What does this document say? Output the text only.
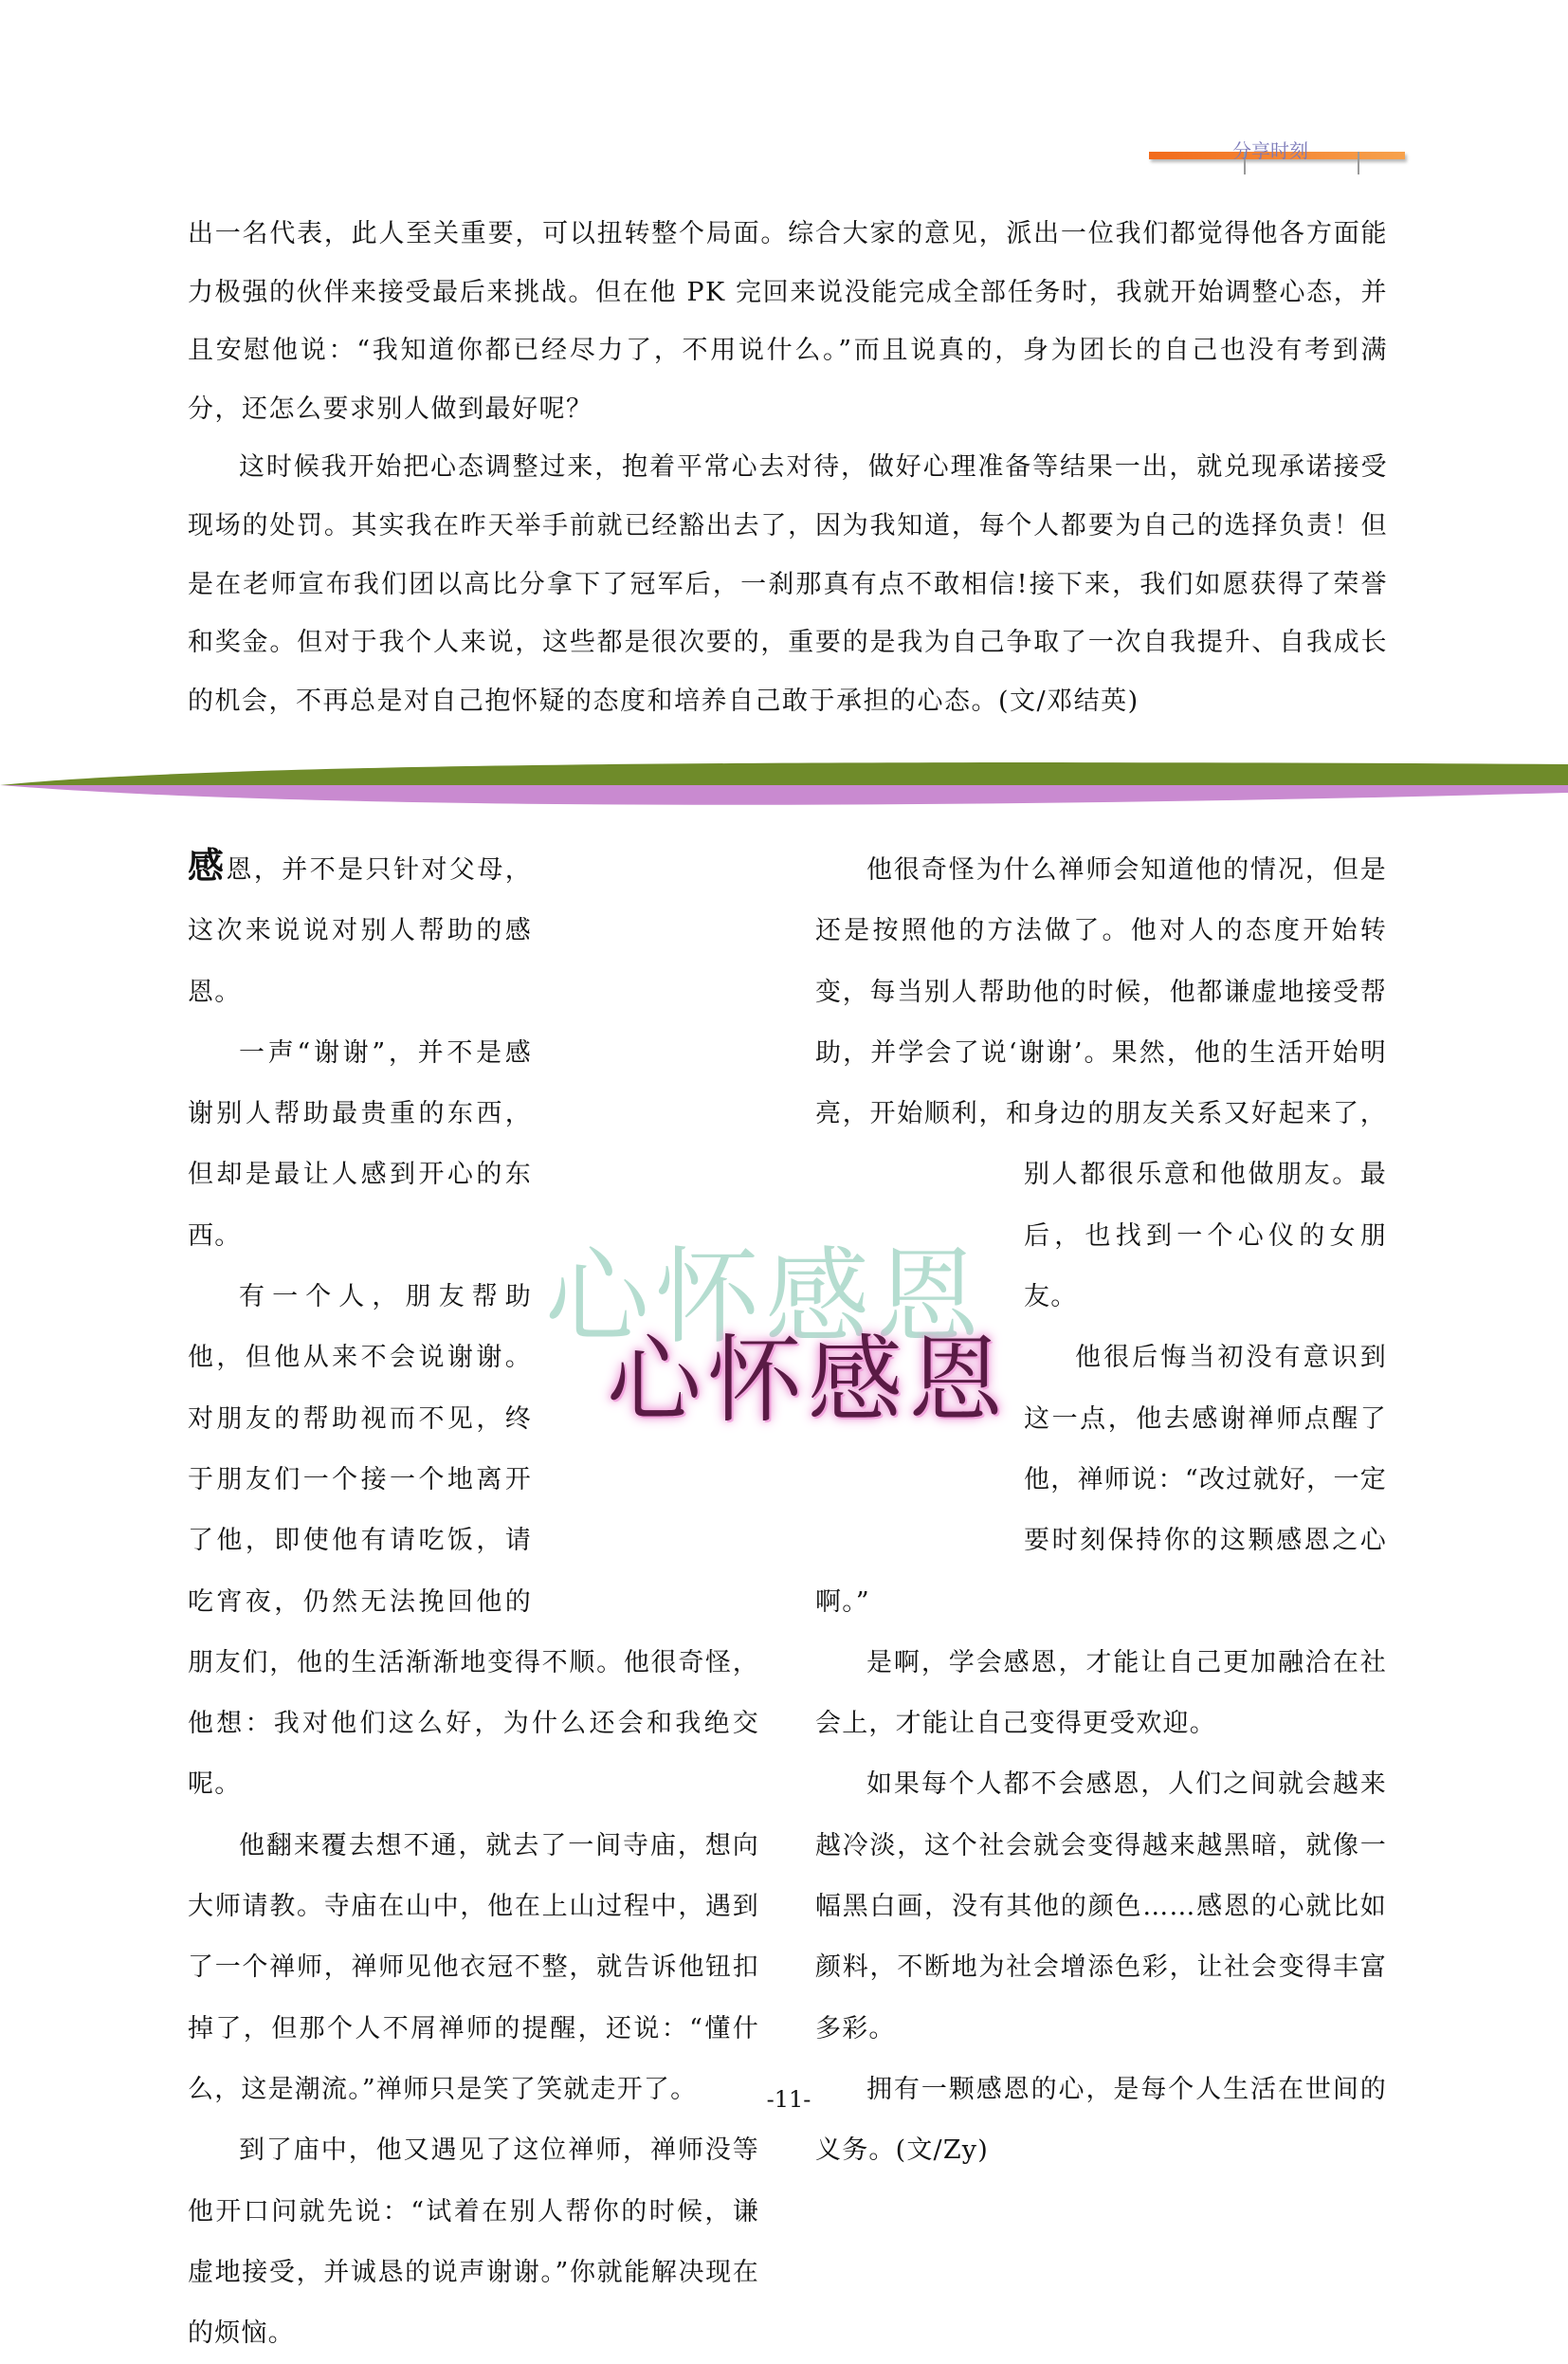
分享时刻

出一名代表，此人至关重要，可以扭转整个局面。综合大家的意见，派出一位我们都觉得他各方面能力极强的伙伴来接受最后来挑战。但在他 PK 完回来说没能完成全部任务时，我就开始调整心态，并且安慰他说：“我知道你都已经尽力了，不用说什么。”而且说真的，身为团长的自己也没有考到满分，还怎么要求别人做到最好呢？

这时候我开始把心态调整过来，抱着平常心去对待，做好心理准备等结果一出，就兑现承诺接受现场的处罚。其实我在昨天举手前就已经豁出去了，因为我知道，每个人都要为自己的选择负责！但是在老师宣布我们团以高比分拿下了冠军后，一刹那真有点不敢相信!接下来，我们如愿获得了荣誉和奖金。但对于我个人来说，这些都是很次要的，重要的是我为自己争取了一次自我提升、自我成长的机会，不再总是对自己抱怀疑的态度和培养自己敢于承担的心态。(文/邓结英)

心怀感恩
心怀感恩

感恩，并不是只针对父母，这次来说说对别人帮助的感恩。

一声“谢谢”，并不是感谢别人帮助最贵重的东西，但却是最让人感到开心的东西。

有一个人，朋友帮助他，但他从来不会说谢谢。对朋友的帮助视而不见，终于朋友们一个接一个地离开了他，即使他有请吃饭，请吃宵夜，仍然无法挽回他的朋友们，他的生活渐渐地变得不顺。他很奇怪，他想：我对他们这么好，为什么还会和我绝交呢。

他翻来覆去想不通，就去了一间寺庙，想向大师请教。寺庙在山中，他在上山过程中，遇到了一个禅师，禅师见他衣冠不整，就告诉他钮扣掉了，但那个人不屑禅师的提醒，还说：“懂什么，这是潮流。”禅师只是笑了笑就走开了。

到了庙中，他又遇见了这位禅师，禅师没等他开口问就先说：“试着在别人帮你的时候，谦虚地接受，并诚恳的说声谢谢。”你就能解决现在的烦恼。

他很奇怪为什么禅师会知道他的情况，但是还是按照他的方法做了。他对人的态度开始转变，每当别人帮助他的时候，他都谦虚地接受帮助，并学会了说‘谢谢’。果然，他的生活开始明亮，开始顺利，和身边的朋友关系又好起来了，别人都很乐意和他做朋友。最后，也找到一个心仪的女朋友。

他很后悔当初没有意识到这一点，他去感谢禅师点醒了他，禅师说：“改过就好，一定要时刻保持你的这颗感恩之心啊。”

是啊，学会感恩，才能让自己更加融洽在社会上，才能让自己变得更受欢迎。

如果每个人都不会感恩，人们之间就会越来越冷淡，这个社会就会变得越来越黑暗，就像一幅黑白画，没有其他的颜色……感恩的心就比如颜料，不断地为社会增添色彩，让社会变得丰富多彩。

拥有一颗感恩的心，是每个人生活在世间的义务。(文/Zy)

-11-
